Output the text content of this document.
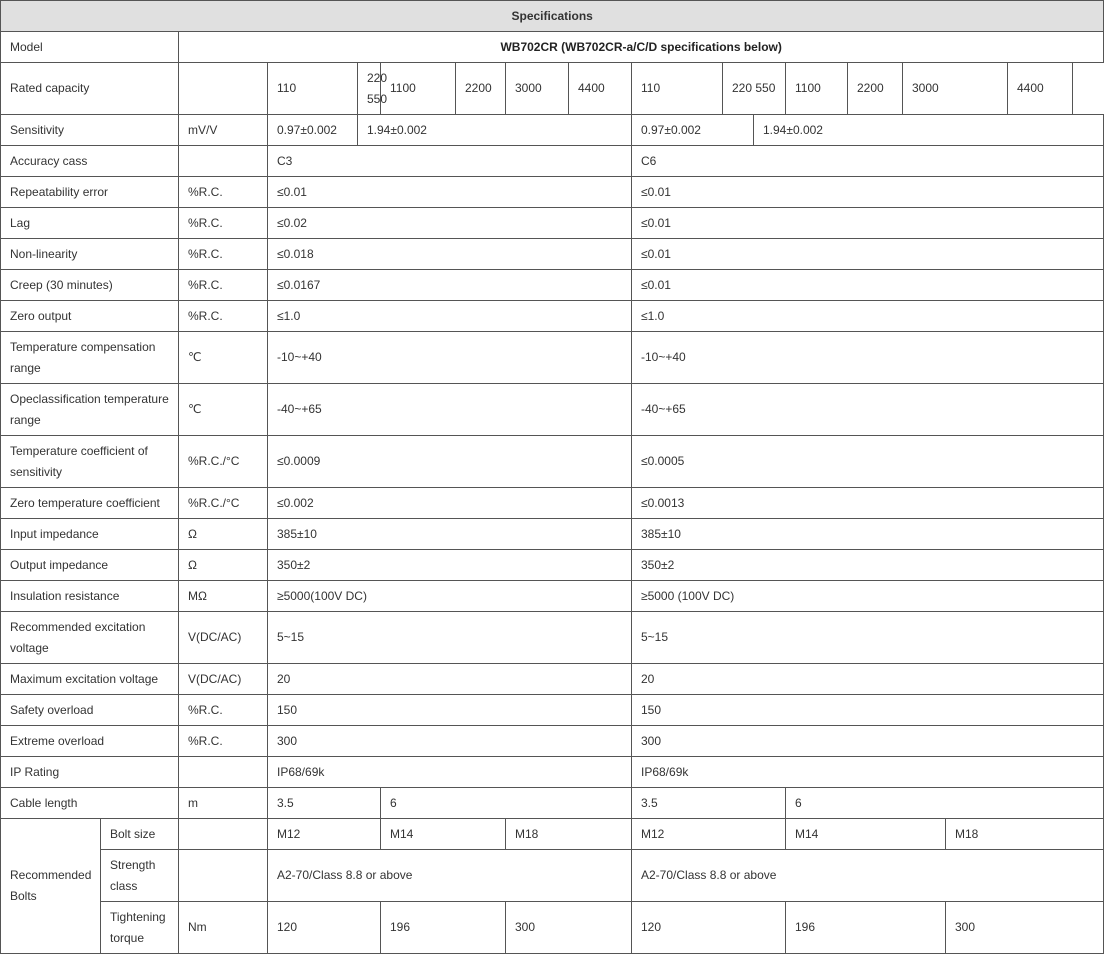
Specifications																
Model		WB702CR (WB702CR-a/C/D specifications below)														
Rated capacity			110	220 550	1100	2200	3000	4400	110	220 550		1100	2200	3000		4400
Sensitivity		mV/V	0.97±0.002	1.94±0.002					0.97±0.002		1.94±0.002					
Accuracy cass			C3						C6							
Repeatability error		%R.C.	≤0.01						≤0.01							
Lag		%R.C.	≤0.02						≤0.01							
Non-linearity		%R.C.	≤0.018						≤0.01							
Creep (30 minutes)		%R.C.	≤0.0167						≤0.01							
Zero output		%R.C.	≤1.0						≤1.0							
Temperature compensation range		℃	-10~+40						-10~+40							
Opeclassification temperature range		℃	-40~+65						-40~+65							
Temperature coefficient of sensitivity		%R.C./°C	≤0.0009						≤0.0005							
Zero temperature coefficient		%R.C./°C	≤0.002						≤0.0013							
Input impedance		Ω	385±10						385±10							
Output impedance		Ω	350±2						350±2							
Insulation resistance		MΩ	≥5000(100V DC)						≥5000 (100V DC)							
Recommended excitation voltage		V(DC/AC)	5~15						5~15							
Maximum excitation voltage		V(DC/AC)	20						20							
Safety overload		%R.C.	150						150							
Extreme overload		%R.C.	300						300							
IP Rating			IP68/69k						IP68/69k							
Cable length		m	3.5		6				3.5			6				
Recommended Bolts	Bolt size		M12		M14		M18		M12			M14			M18	
	Strength class		A2-70/Class 8.8 or above						A2-70/Class 8.8 or above							
	Tightening torque	Nm	120		196		300		120			196			300	
